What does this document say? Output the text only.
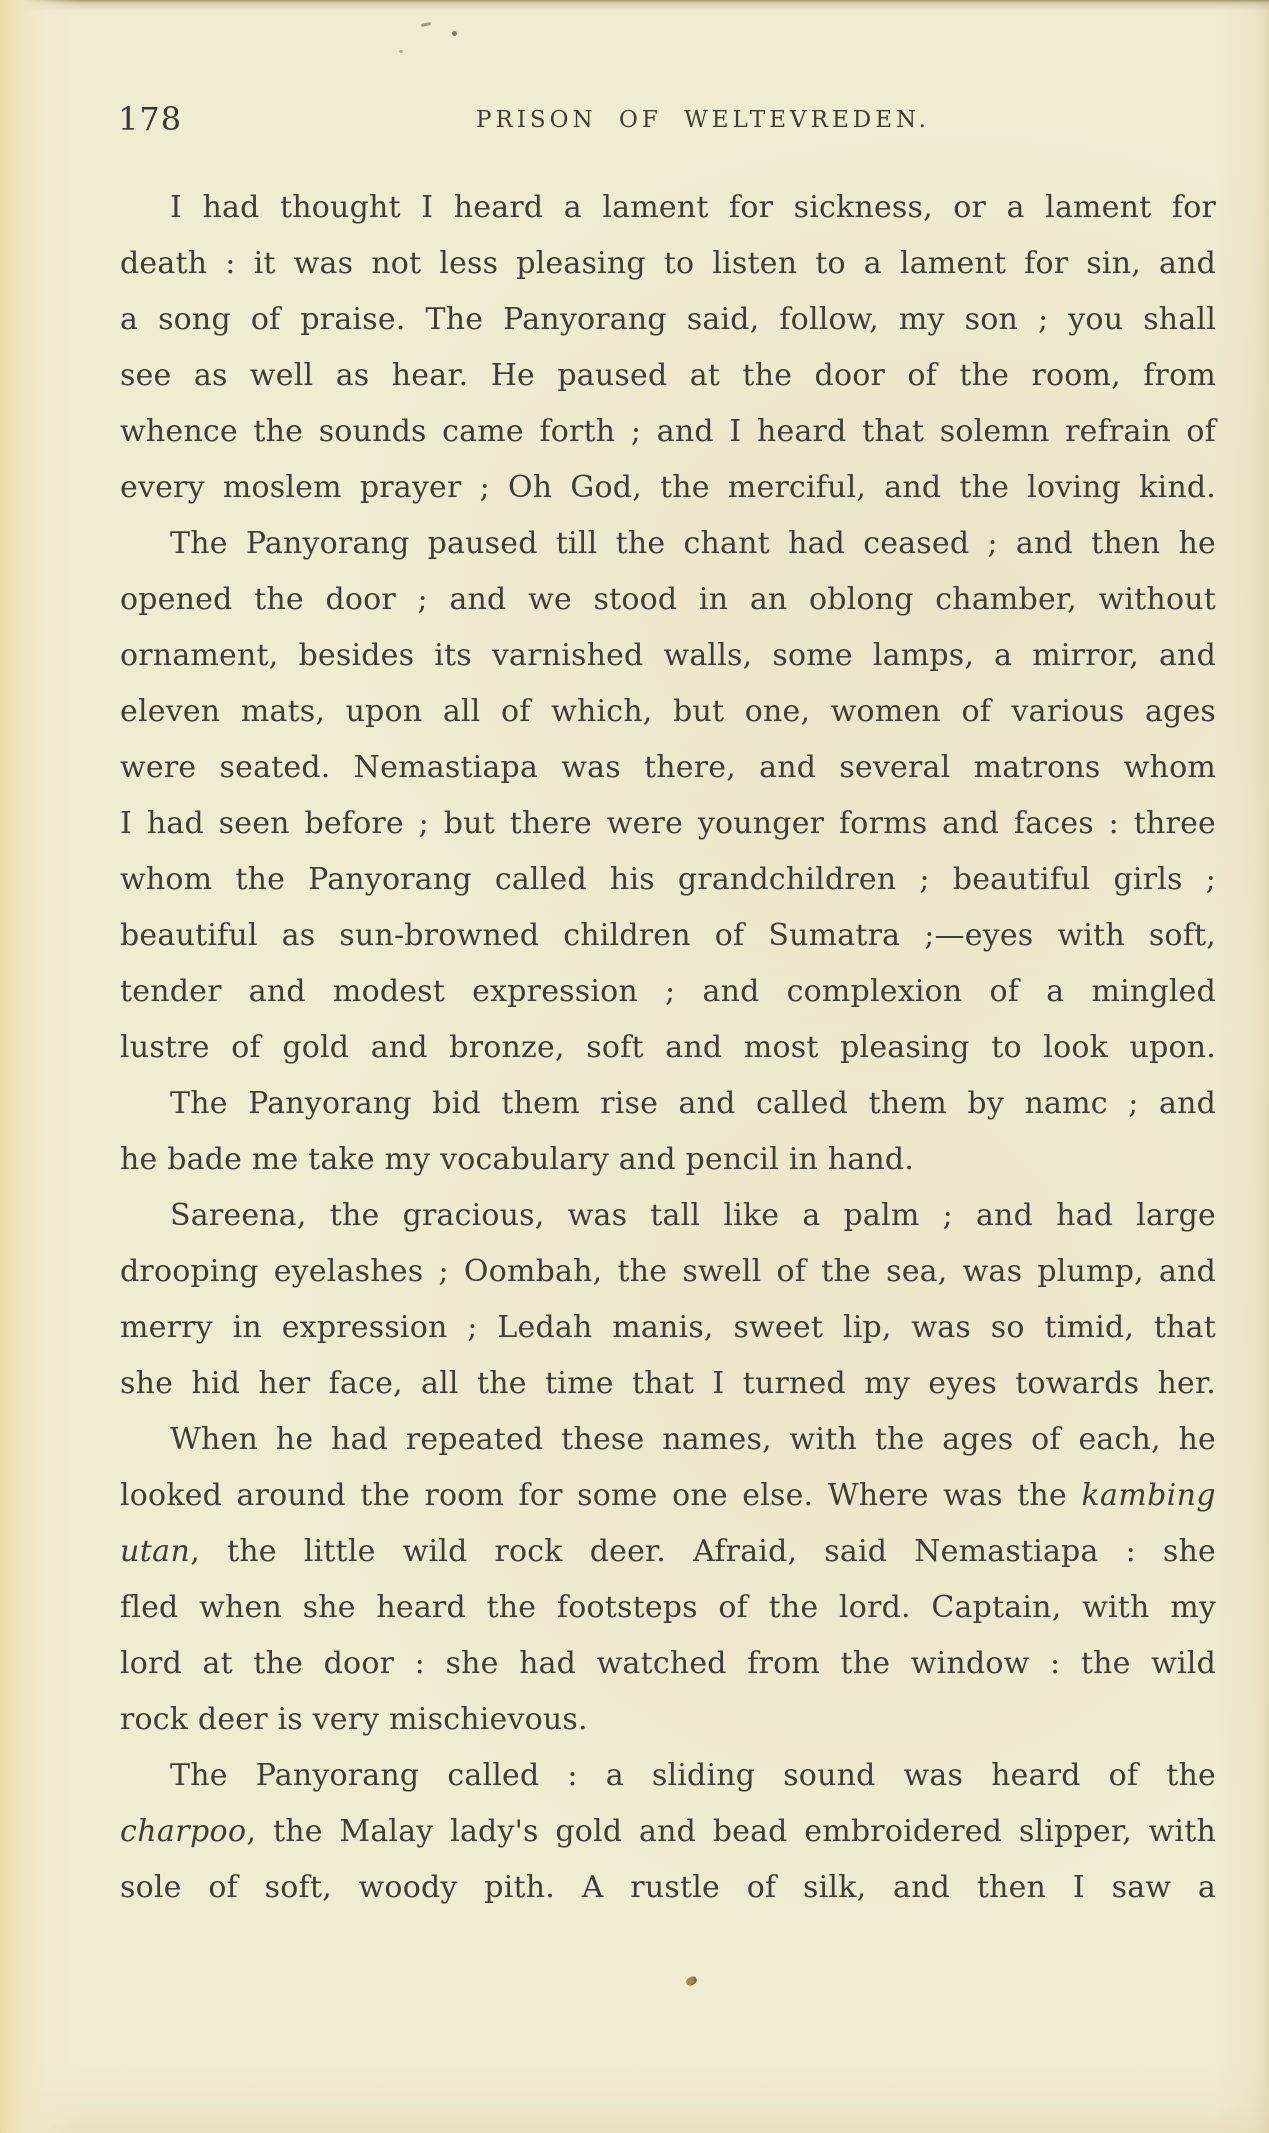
178	PRISON OF WELTEVREDEN.
I had thought I heard a lament for sickness, or a lament for
death : it was not less pleasing to listen to a lament for sin, and
a song of praise. The Panyorang said, follow, my son ; you shall
see as well as hear. He paused at the door of the room, from
whence the sounds came forth ; and I heard that solemn refrain of
every moslem prayer ; Oh God, the merciful, and the loving kind.
The Panyorang paused till the chant had ceased ; and then he
opened the door ; and we stood in an oblong chamber, without
ornament, besides its varnished walls, some lamps, a mirror, and
eleven mats, upon all of which, but one, women of various ages
were seated. Nemastiapa was there, and several matrons whom
I had seen before ; but there were younger forms and faces : three
whom the Panyorang called his grandchildren ; beautiful girls ;
beautiful as sun-browned children of Sumatra ;—eyes with soft,
tender and modest expression ; and complexion of a mingled
lustre of gold and bronze, soft and most pleasing to look upon.
The Panyorang bid them rise and called them by namc ; and
he bade me take my vocabulary and pencil in hand.
Sareena, the gracious, was tall like a palm ; and had large
drooping eyelashes ; Oombah, the swell of the sea, was plump, and
merry in expression ; Ledah manis, sweet lip, was so timid, that
she hid her face, all the time that I turned my eyes towards her.
When he had repeated these names, with the ages of each, he
looked around the room for some one else. Where was the kambing
utan, the little wild rock deer. Afraid, said Nemastiapa : she
fled when she heard the footsteps of the lord. Captain, with my
lord at the door : she had watched from the window : the wild
rock deer is very mischievous.
The Panyorang called : a sliding sound was heard of the
charpoo, the Malay lady's gold and bead embroidered slipper, with
sole of soft, woody pith. A rustle of silk, and then I saw a
